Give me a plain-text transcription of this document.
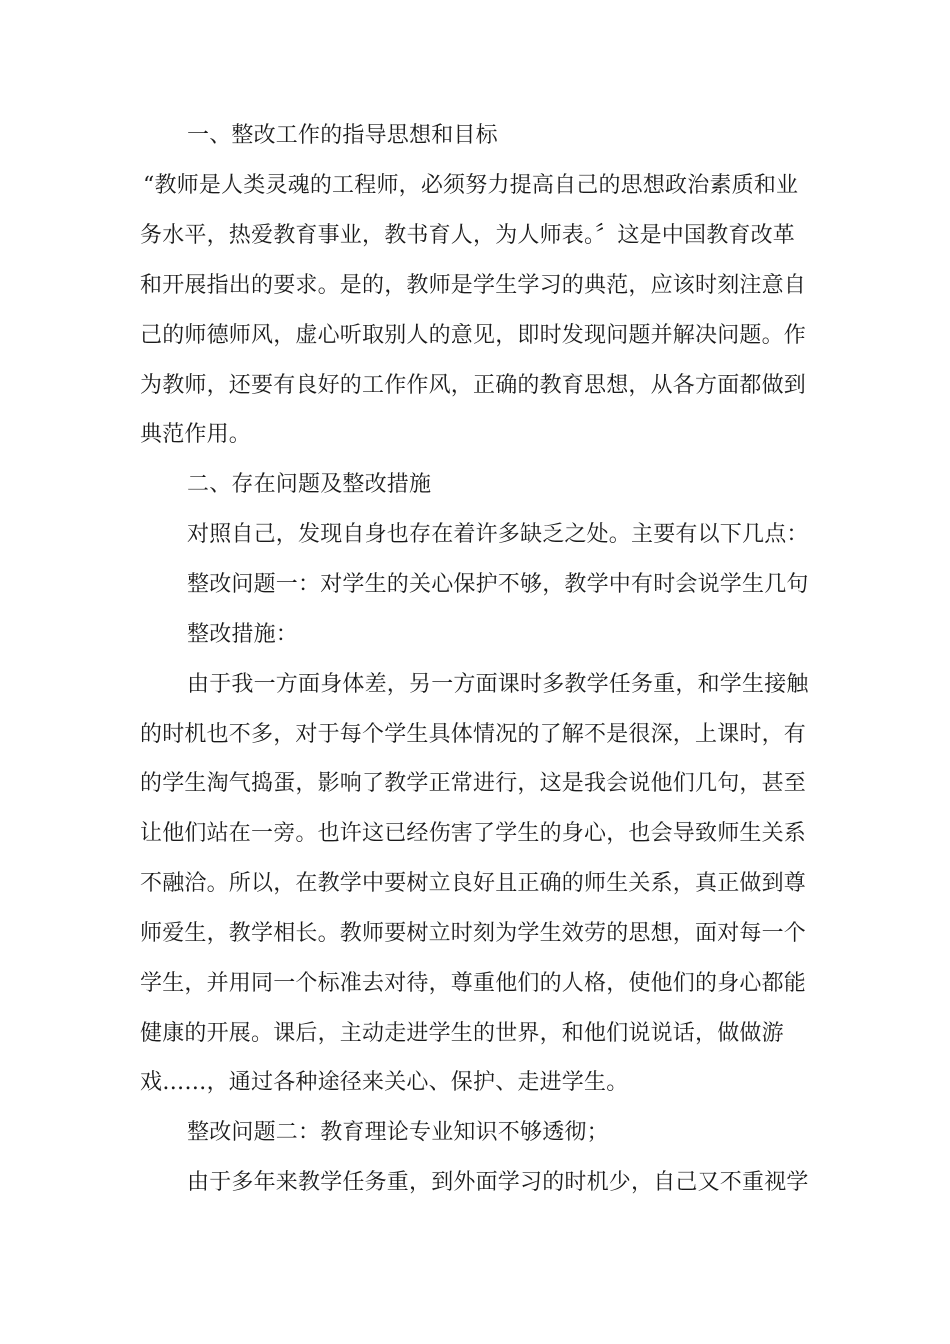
一、整改工作的指导思想和目标
“教师是人类灵魂的工程师，必须努力提高自己的思想政治素质和业
务水平，热爱教育事业，教书育人，为人师表。〞这是中国教育改革
和开展指出的要求。是的，教师是学生学习的典范，应该时刻注意自
己的师德师风，虚心听取别人的意见，即时发现问题并解决问题。作
为教师，还要有良好的工作作风，正确的教育思想，从各方面都做到
典范作用。
二、存在问题及整改措施
对照自己，发现自身也存在着许多缺乏之处。主要有以下几点：
整改问题一：对学生的关心保护不够，教学中有时会说学生几句
整改措施：
由于我一方面身体差，另一方面课时多教学任务重，和学生接触
的时机也不多，对于每个学生具体情况的了解不是很深，上课时，有
的学生淘气捣蛋，影响了教学正常进行，这是我会说他们几句，甚至
让他们站在一旁。也许这已经伤害了学生的身心，也会导致师生关系
不融洽。所以，在教学中要树立良好且正确的师生关系，真正做到尊
师爱生，教学相长。教师要树立时刻为学生效劳的思想，面对每一个
学生，并用同一个标准去对待，尊重他们的人格，使他们的身心都能
健康的开展。课后，主动走进学生的世界，和他们说说话，做做游
戏……，通过各种途径来关心、保护、走进学生。
整改问题二：教育理论专业知识不够透彻；
由于多年来教学任务重，到外面学习的时机少，自己又不重视学
